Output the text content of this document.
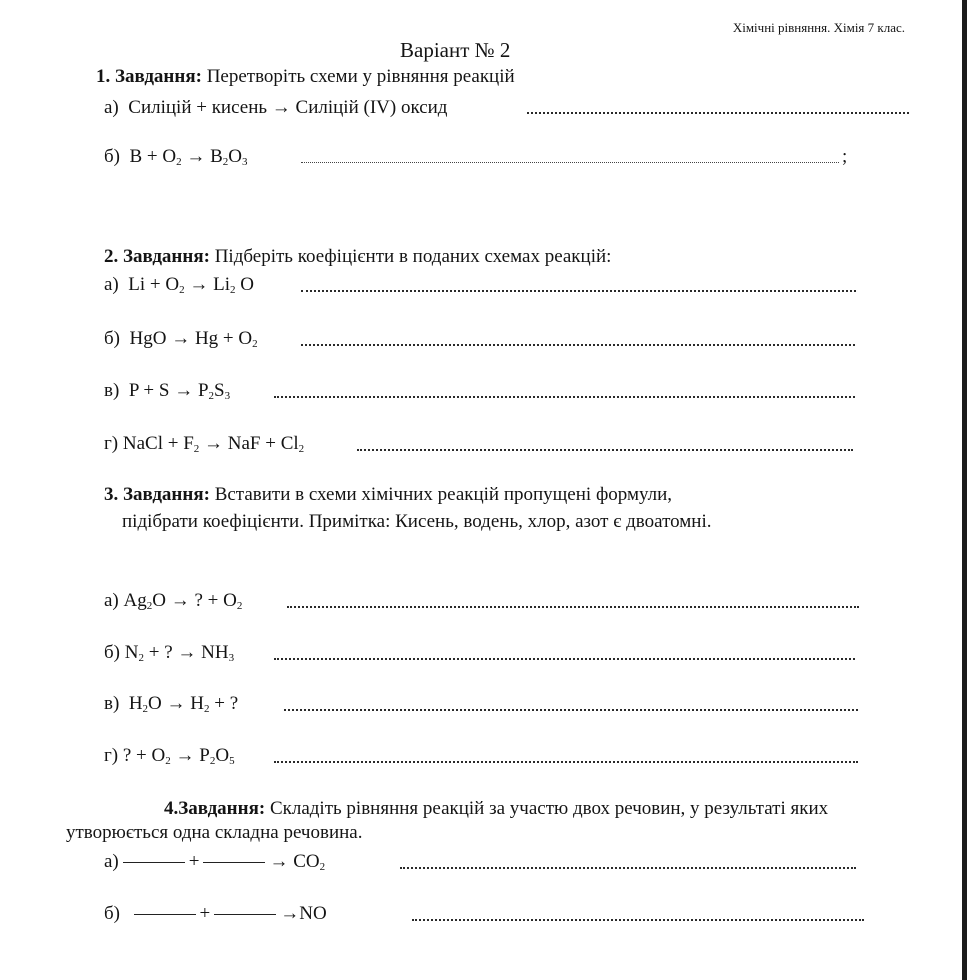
Хімічні рівняння. Хімія 7 клас.
Варіант № 2
1. Завдання: Перетворіть схеми у рівняння реакцій
а) Силіцій + кисень → Силіцій (IV) оксид
б) $B + O_2 \to B_2O_3$	;
2. Завдання: Підберіть коефіцієнти в поданих схемах реакцій:
а) $Li + O_2 \to Li_2$ O
б) HgO → $Hg + O_2$
в) $P + S \to P_2S_3$
г) NaCl + $F_2$ → NaF + $Cl_2$
3. Завдання: Вставити в схеми хімічних реакцій пропущені формули,
підібрати коефіцієнти. Примітка: Кисень, водень, хлор, азот є двоатомні.
а) $Ag_2O$ → ? + $O_2$
б) $N_2$ + ? → $NH_3$
в) $H_2O \to H_2$ + ?
г) ? + $O_2 \to P_2O_5$
4.Завдання: Складіть рівняння реакцій за участю двох речовин, у результаті яких
утворюється одна складна речовина.
а)	+	→ $CO_2$
б)	+	→NO
